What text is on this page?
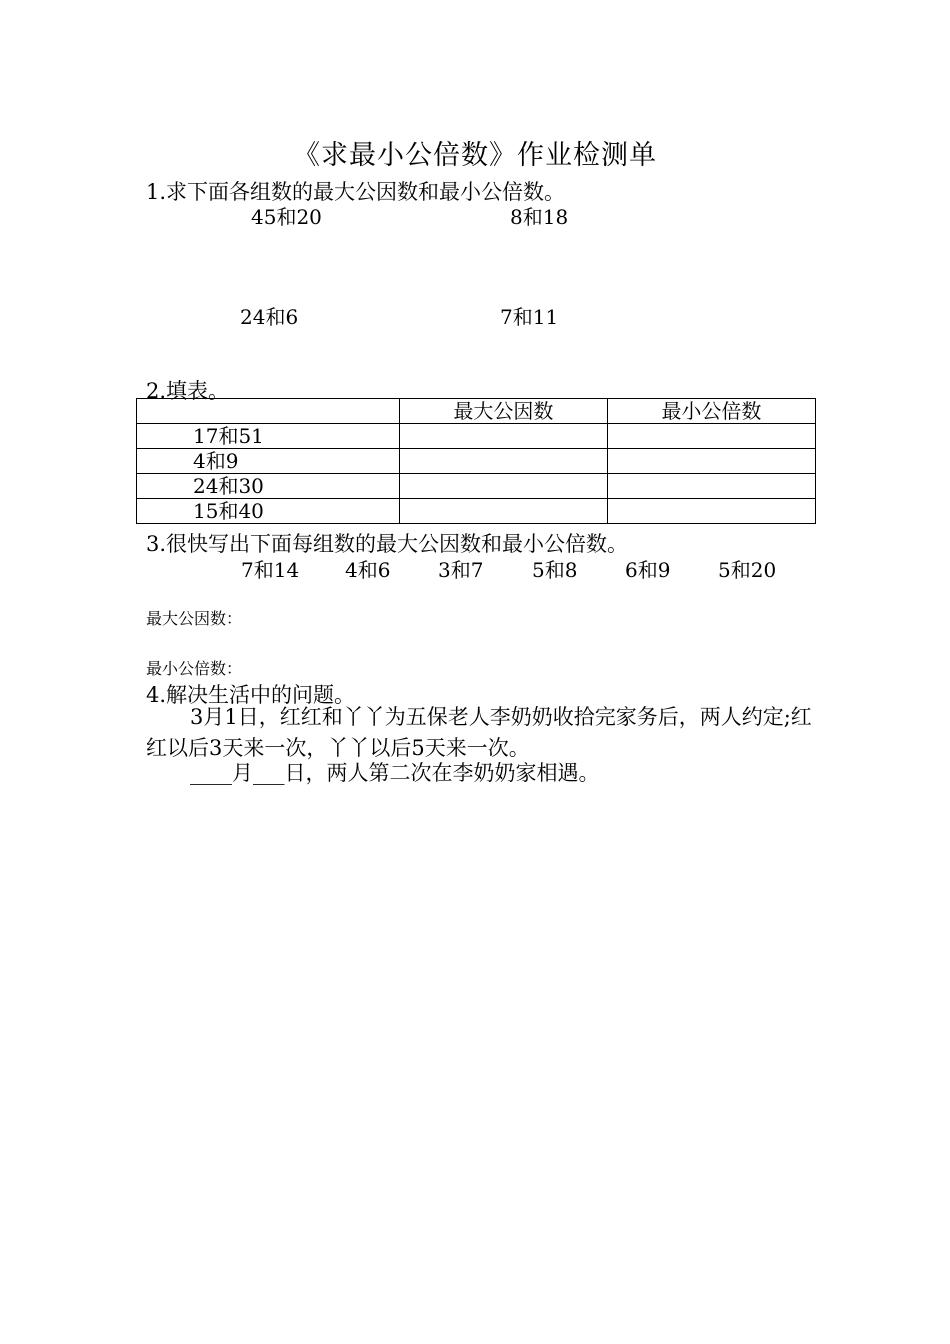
《求最小公倍数》作业检测单
1.求下面各组数的最大公因数和最小公倍数。
45和20	8和18
24和6	7和11
2.填表。
	最大公因数	最小公倍数
17和51		
4和9		
24和30		
15和40		
3.很快写出下面每组数的最大公因数和最小公倍数。
7和14 4和6 3和7 5和8 6和9 5和20
最大公因数：
最小公倍数：
4.解决生活中的问题。
3月1日，红红和丫丫为五保老人李奶奶收拾完家务后，两人约定;红红以后3天来一次，丫丫以后5天来一次。
____月___日，两人第二次在李奶奶家相遇。
